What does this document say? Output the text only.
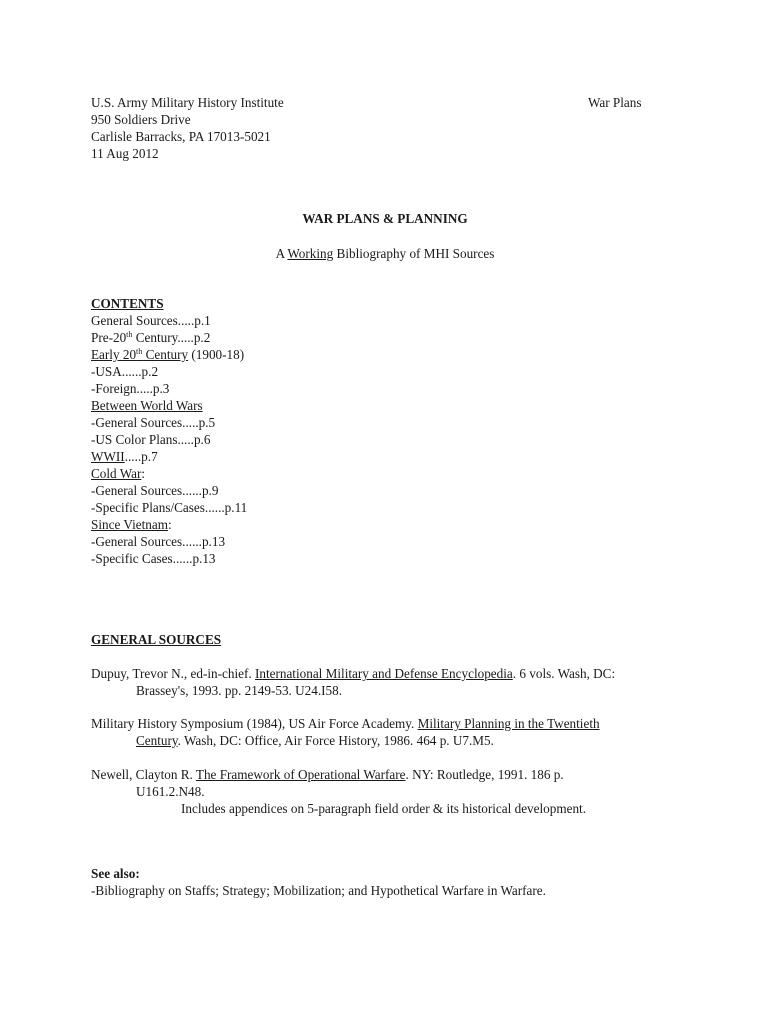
U.S. Army Military History Institute
950 Soldiers Drive
Carlisle Barracks, PA 17013-5021
11 Aug 2012
War Plans
WAR PLANS & PLANNING
A Working Bibliography of MHI Sources
CONTENTS
General Sources.....p.1
Pre-20th Century.....p.2
Early 20th Century (1900-18)
-USA......p.2
-Foreign.....p.3
Between World Wars
-General Sources.....p.5
-US Color Plans.....p.6
WWII.....p.7
Cold War:
-General Sources......p.9
-Specific Plans/Cases......p.11
Since Vietnam:
-General Sources......p.13
-Specific Cases......p.13
GENERAL SOURCES
Dupuy, Trevor N., ed-in-chief. International Military and Defense Encyclopedia. 6 vols. Wash, DC:
Brassey's, 1993. pp. 2149-53. U24.I58.
Military History Symposium (1984), US Air Force Academy. Military Planning in the Twentieth
Century. Wash, DC: Office, Air Force History, 1986. 464 p. U7.M5.
Newell, Clayton R. The Framework of Operational Warfare. NY: Routledge, 1991. 186 p.
U161.2.N48.
Includes appendices on 5-paragraph field order & its historical development.
See also:
-Bibliography on Staffs; Strategy; Mobilization; and Hypothetical Warfare in Warfare.
